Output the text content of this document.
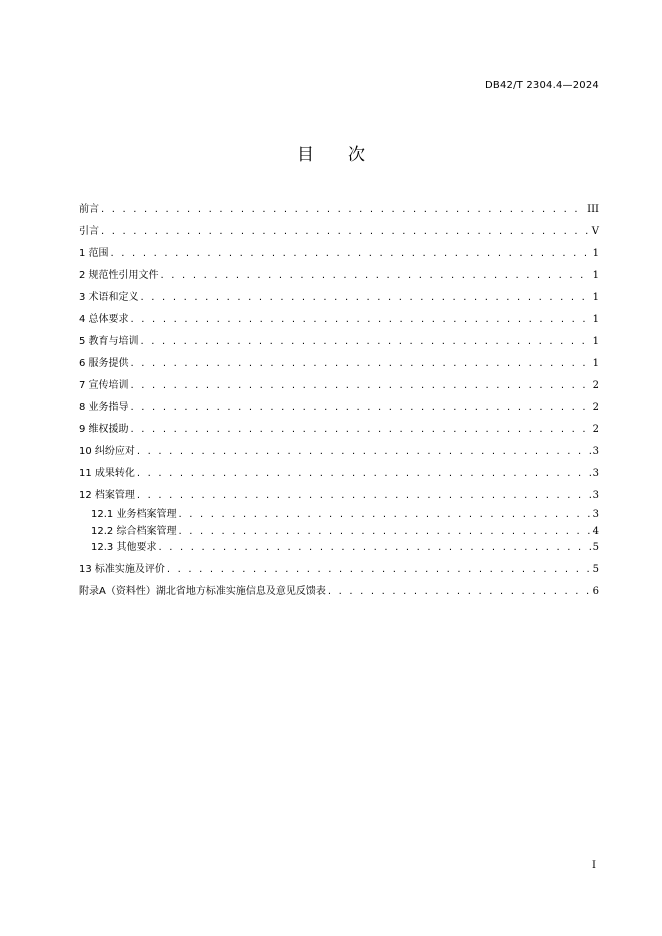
DB42/T 2304.4—2024
目次
前言 . . .	III
引言 . . .	V
1 范围 . . .	1
2 规范性引用文件 . . .	1
3 术语和定义 . . .	1
4 总体要求 . . .	1
5 教育与培训 . . .	1
6 服务提供 . . .	1
7 宣传培训 . . .	2
8 业务指导 . . .	2
9 维权援助 . . .	2
10 纠纷应对 . . .	3
11 成果转化 . . .	3
12 档案管理 . . .	3
12.1 业务档案管理 . . .	3
12.2 综合档案管理 . . .	4
12.3 其他要求 . . .	5
13 标准实施及评价 . . .	5
附录A（资料性）湖北省地方标准实施信息及意见反馈表 . . .	6
I
